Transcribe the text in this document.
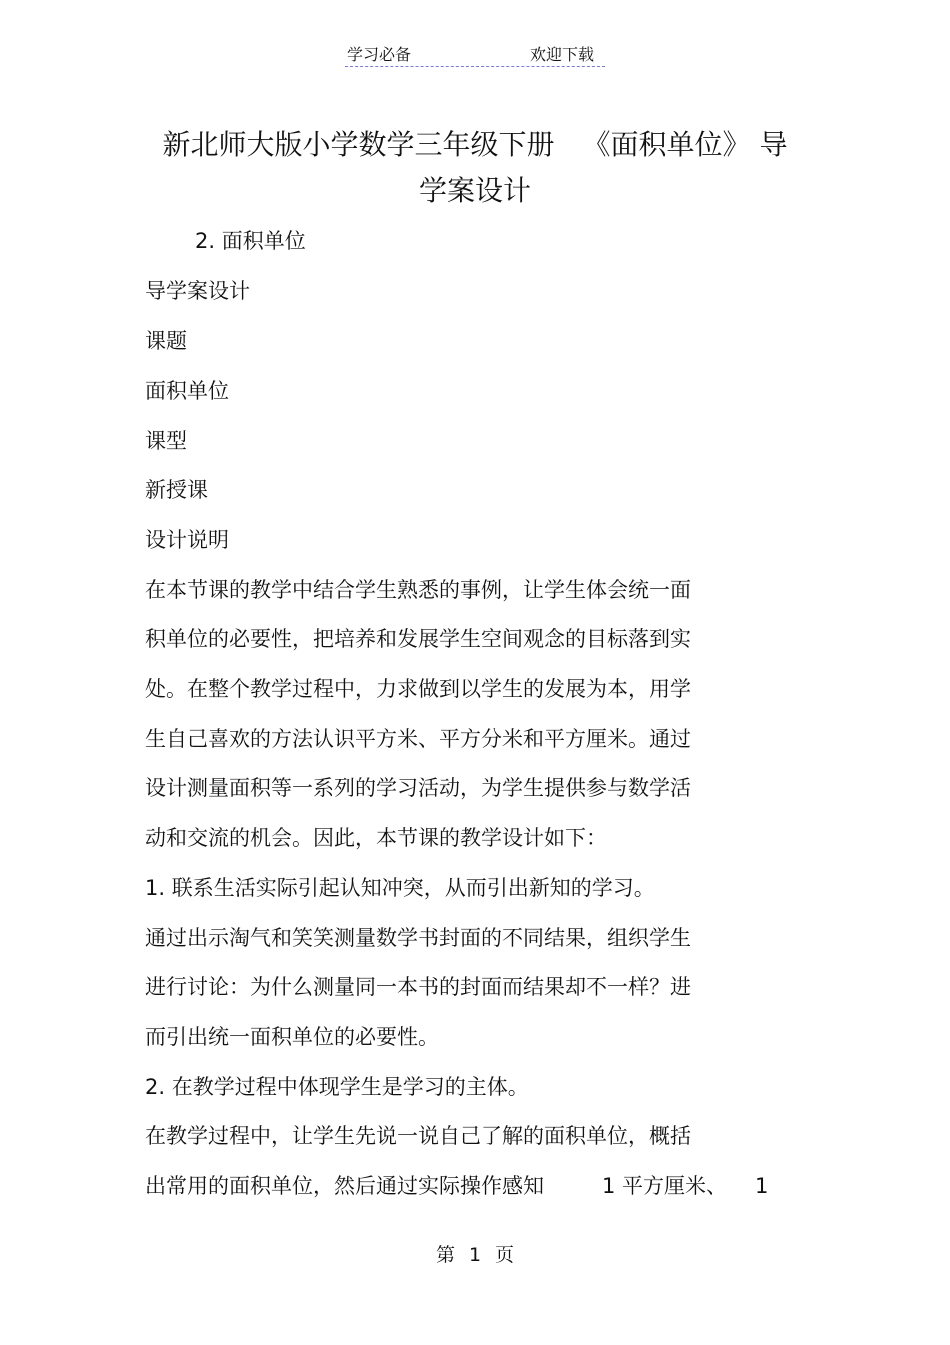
学习必备	欢迎下载
新北师大版小学数学三年级下册 《面积单位》 导
学案设计
2. 面积单位
导学案设计
课题
面积单位
课型
新授课
设计说明
在本节课的教学中结合学生熟悉的事例，让学生体会统一面
积单位的必要性，把培养和发展学生空间观念的目标落到实
处。在整个教学过程中，力求做到以学生的发展为本，用学
生自己喜欢的方法认识平方米、平方分米和平方厘米。通过
设计测量面积等一系列的学习活动，为学生提供参与数学活
动和交流的机会。因此，本节课的教学设计如下：
1. 联系生活实际引起认知冲突，从而引出新知的学习。
通过出示淘气和笑笑测量数学书封面的不同结果，组织学生
进行讨论：为什么测量同一本书的封面而结果却不一样？进
而引出统一面积单位的必要性。
2. 在教学过程中体现学生是学习的主体。
在教学过程中，让学生先说一说自己了解的面积单位，概括
出常用的面积单位，然后通过实际操作感知	1 平方厘米、 1
第 1 页
